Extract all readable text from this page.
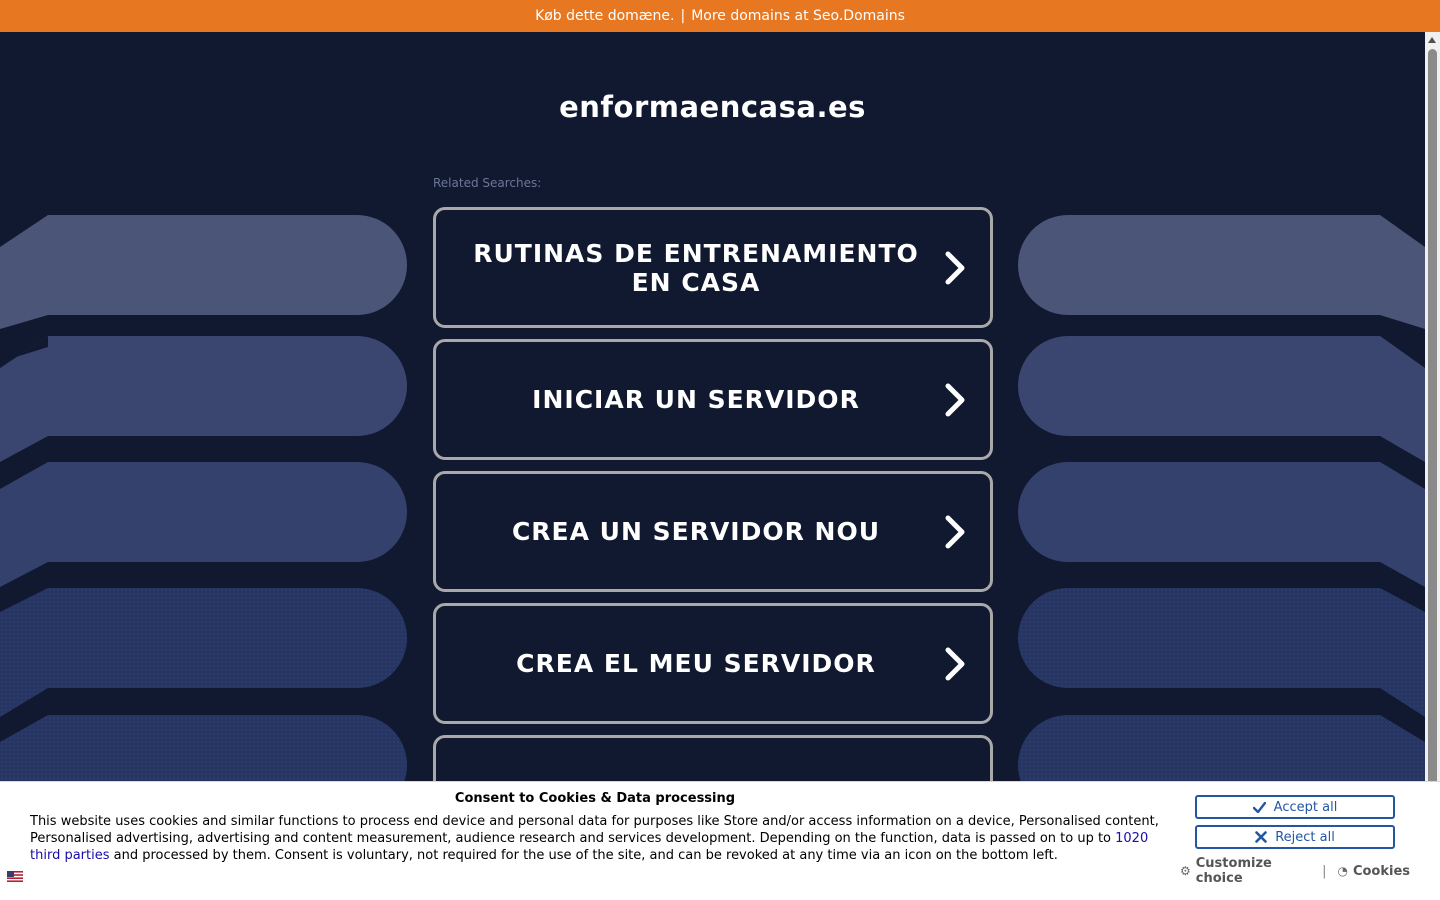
Køb dette domæne. | More domains at Seo.Domains
enformaencasa.es
Related Searches:
RUTINAS DE ENTRENAMIENTO EN CASA
INICIAR UN SERVIDOR
CREA UN SERVIDOR NOU
CREA EL MEU SERVIDOR
Consent to Cookies & Data processing
This website uses cookies and similar functions to process end device and personal data for purposes like Store and/or access information on a device, Personalised content, Personalised advertising, advertising and content measurement, audience research and services development. Depending on the function, data is passed on to up to 1020 third parties and processed by them. Consent is voluntary, not required for the use of the site, and can be revoked at any time via an icon on the bottom left.
Accept all
Reject all
⚙ Customize choice	| ◔ Cookies
